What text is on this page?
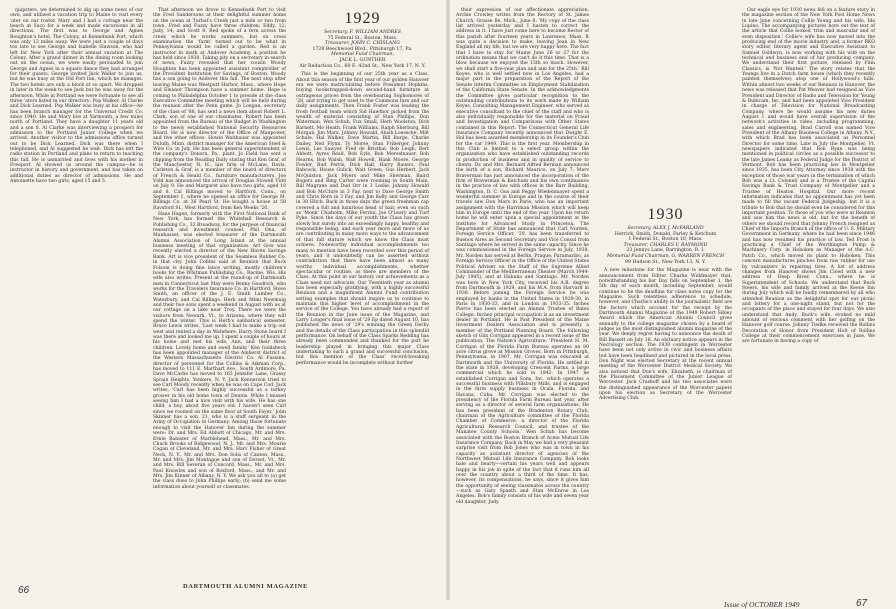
quipsters, we determined to dig up some news of our own, and utilized a vacation trip to Maine to visit every 'ater on our roster. Mary and I had a cottage near the beach at Saco for a week and made excursions in all directions. The first was to George and Agnes Boughton's hotel, The Colony, at Kennebunk Port, which was only 13 miles away. We were just a couple of days too late to see George and Isabelle Slawson, who had left for New York after their annual vacation at The Colony. After a grand dinner in the dining room looking out on the ocean, we were easily persuaded to join George and Agnes in a square dance they had arranged for their guests. George invited Jack Waller to join us, but he was busy at the Old Fort Inn, which he manages. The two hotels are only a block or so apart. We dropped in later in the week to see Jack but he was away for the afternoon. While in Portland we were fortunate to see all three 'ators listed in our directory: Pop Walker, Al Clarke and Dick Learned. Pop Walker was busy at his office—he has been branch manager for the Universal Credit Co. since 1940. He and Mary live at Yarmouth, a few miles north of Portland. They have a daughter 11 years old and a son 8. Al Clarke was interviewing a prospect for admission to the Portland Junior College when we arrived. Another visitor to the admissions office turned out to be Dick Learned. Dick was there when I telephoned, and Al suggested he wait. Dick has left the radio station in Portland and plans to return to teaching this fall. He is unmarried and lives with his mother in Freeport. Al showed us around the campus—he is instructor in history and government, and has taken on additional duties as director of admissions. He and Antoinette have two girls, aged 15 and 5.

That afternoon we drove to Kennebunk Port to visit the Fred Sandersons at their delightful summer home on the ocean at Turbat's Creek just a mile or two from town. Fred and Fuzzy have three children; Eddy, 12; Judy, 14; and Scott 8. Red spoke of a fern across the creek which he works summers, but on cross examination the 'farm' turned out to be what in Pennsylvania would be called a garden. Red is an instructor in math at Andover Academy, a position he has held since 1938. Taking pity on a secretary in search of news, Fuzzy revealed that her cousin Woody Houghton has been appointed assistant comptroller of the Provident Institution for Savings, of Boston. Woody has a son going to Andover this fall. The next stop after leaving Maine was Westport Harbor, Mass., where Hope and Eleanor Thompson have a summer home. Hope is coming to Philadelphia October 1 to preside at the class Executive Committee meeting which will be held during the reunion after the Penn game. Jo Longan, secretary of the class of '88, has sent a news item about Robert L. Clark, son of one of our classmates. Robert has been appointed from the Bureau of the Budget in Washington to the newly established National Security Resources Board. He is now director of the Office of Manpower, and five other offices. Howie Waithauer was appointed Duluth, Minn. district manager for the American Steel & Wire Co. in July. He has been general superintendent of the company's Donora, Pa., plant. Jo Field has sent a clipping from the Reading Daily stating that Ken Graf, of the Manchester, N. H., law firm of McLane, Davis, Carleton & Graf, is a member of the board of directors of French & Heald Co., furniture manufacturers. Joe Vidd has announced the arrival of Douglas Stowell Vidd on July 9. He and Margaret also have two girls, aged 10 and 8. Cal Billings moved to Hartford, Conn., on September 1, where he opened an office for George M. Billings Co. at 36 Pearl St. He bought a house at 58 Ravsford St., West Hartford, from Ken Weeks '26.

Hans Hagen, formerly with the First National Bank of New York, has formed the Whitehall Research & Publishing Co., 32 Broadway, for the purpose of financial research and investment counsel. Phil Ona, of Manhasset, was elected treasurer of the Dartmouth Alumni Association of Long Island at the annual business meeting of that organization. Art Gow was recently elected a director of the New Haven Savings Bank. Art is vice president of the Seamless Rubber Co. in that city. John Collins said at Reunion that Buck Folsom is doing fine lance writing, mostly children's books for the Whitman Publishing Co., Racine, Wis. His wife also writes. Present at the round-up of Dartmouth men in Connecticut last May were Benny Goodrich, who works for the Travelers Insurance Co. in Hartford, Steve Smith, an officer of the J. E. Smith Lumber Co., Waterbury, and Cal Billings. Herb and Mimi Newmuig and their two sons spent a weekend in August with us at our cottage on a lake near Troy. There we were the visitors from Newark, Vt., to Arizona, where they will spend the winter. This is Herb's sabbatical semester. Bruce Lewis writes, 'Last week I had to make a trip out west and rented a day in Walwhere. Harry Stone heard I was there and looked me up. I spent a couple of hours at his home and met his wife, Ann, and their three children. Lovely home and swell family.' Ken Goldsbeck has been appointed manager of the Amherst district of the Western Massachusetts Electric Co. Al Fussinu, director of personnel for the Collins & Aikman Corp., has moved to 111 E. Marthart Ave., South Ardmore, Pa. Dave McCarlie has moved to 165 Jennifer Lane, Grassy Sprain Heights, Yonkers, N. Y. Jack Kennerson tried to see Carl Moody recently when he was on Cape Cod. Jack writes, 'Carl has been highly successful as a turkey grower in his old home town of Dennis. While I missed seeing him I had a nice visit with his wife. He has one child, a boy, about five years old. I haven't seen Carl since we roomed on the same floor at South Fayer.' John Skinner has a son, 21, who is a staff sergeant in the Army of Occupation in Germany. Among those fortunate enough to visit the Hanover Inn during the summer were: Dr. and Mrs. Ed Abbott of Chicago, Mr. and Mrs. Ernie Banister of Marblehead, Mass., Mr. and Mrs. Chuck Brooks of Ridgewood, N. J., Mr. and Mrs. Mourie Cogan of Cleveland, Mr. and Mrs. Harv Fisher of Great Neck, N. Y., Mr. and Mrs. Don Solis of Canton, Mass., Mr. and Mrs. Jim Montague and son of Dorset, Vt., Mr. and Mrs. Bill Severan of Concord, Mass., Mr. and Mrs. Paul Knowles and son of Boxford, Mass., and Mr. and Mrs. Jim Kinner of Albany, N. Y. We ask you all to (a) get the class dues to John Phillips early; (b) send me some information about yourself or classmates.

1929
Secretary, F. WILLIAM ANDRES
75 Federal St., Boston, Mass.
Treasurer, JOHN C. CHISLANG
1728 Beechwood Blvd., Pittsburgh 17, Pa.
Memorial Fund Chairman,
JACK L. GUNTHER
Air Reduction Co., 60 E. 42nd St., New York 17, N. Y.

This is the beginning of our 25th year as a Class. About this season of the first year of our golden Hanover era we were matriculating before President Hopkins, buying bookstrapped-down second-hand furniture at outrageous prices from the overbearing Sophomores of '28, and trying to get used to the Commons fare and our daily assignments. Then Frank Foster was leading the frosh football team which Sid Hawthor picked from the wealth of material consisting of Stan Phillips, Don Waterman, Wen Schuh, Fux Small, Herb Woolston, Dick Barnett, Mo Heath, Frank Williams, Ralph Sherburg, Bill Morgan, Jim Marx, Johnny Howald, Alush Loesecke, Milt Schule, Hal Walker, Dave Martin, Bill Burge, Charlie Dailey, Ned Flynn, Ty Morse, Stan Friberger, Johnny Lewis, Les Sawyer, Fred de Bristhal, Bob Leigh, Bert Abbott, Ayres Read, Bob Eyle, Bob Merselnauer, Bob Hearns, Bob Walsh, Walt Howell, Hank Moore, George Fowler, Bud Ferris, Dick Hall, Harry Bauers, Paul Babcock, House Gulick, Walt Green, Gus Herbert, Jack McQuiston, Jack Myers and Mike Sherman. Baird Rogers and Bing Carter were rooming in South Main. Bill Magrane and Dud Orr in 3 Leslie, Johnny Howald and Bob McClure in 3 Fay, next to Dave George Smith and Chris Born in 3 Fay, and Jim Kelly and George Carr in 38 Hitch. Back in those days the green freshman cap covered a full and luxurious head of hair, even on such as 'Monk' Chisholm, Mike Ferrini, Joe O'Leary and Turf Pyke. Since the days of our youth the Class has grown slowly but surely into an exceedingly happy, healthy and responsible being, and each year more and more of us are contributing in many more ways to the advancement of that full stature which we know the Class must achieve. Noteworthy individual accomplishments too many to mention have been recorded over this period of years, and it undoubtedly can be asserted without contradiction that there have been almost as many worthy individual accomplishments, whether spectacular or routine, as there are members of the Class. At this point in our history our achievements as a Class need not advocate. Our Twentieth year as alumni has been especially gratifying, with a highly successful Reunion and a magnificent Alumni Fund contribution setting examples that should inspire us to continue to maintain this higher level of accomplishment in the service of the College. You have already had a report of the Reunion in the June issue of the Magazine, and Larry Longer's final issue of '29 Ep dated August 10, has published the news of '29's winning the Green Derby and the details of the Class participation in this splendid performance. On behalf of the Class Sparks Redding has already been commended and thanked for the part he leadership played in bringing this major Class undertaking to such a grand and successful conclusion, but this mention of the Class' record-breaking performance would be incomplete without further

66	DARTMOUTH ALUMNI MAGAZINE

their expression of our affectionate appreciation. Archie Crowley writes from the Rectory of St. James Church, Grosse Ile, Mich., June 8: 'My copy of the class list arrived yesterday and I hasten to correct the address in it. I have just come here to become Rector of this parish after fourteen years in Lawrence, Mass. It was quite a decision to make, leaving Jean in New England all my life, but we are very happy here. The fact that I have to stay for Maine June 26 or 27 for the ordination means that we can't do it this time. That is a blow because we enjoyed the 15th so much. However, we shall start a five-year plan and aim for the 25th.' Bill Keyes, who is well settled now in Los Angeles, had a major part in the preparation of the Report of the Senate Interim Committee on Employment Stabilization of the California State Senate. In the acknowledgments the Committee gives particular recognition to the outstanding contributions to its work made by William Keyes, Consulting Management Engineer, who served as executive consultant to the chief of the staff and who is also individually responsible for the material on Fraud and Investigation and Comparisons with Other States contained in this Report. The Connecticut General Life Insurance Company recently announced that Dwight E. Hol has been awarded membership in its Founder's Club for the car 1949. This is the first year. Membership in this Club is limited to a select group within the organization who have established outstanding records in production of business and in quality of service to clients. Dr. and Mrs. Bernard Alfred Berman announced the birth of a son, Richard Maurice, on July 7. Marv Braverman has just announced the incorporation of the firm of Braverman & Ketchum and his own continuance in the practice of law with offices in the Barr Building, Washington, D. C. Gus and Peggy Wiedenmayer spent a wonderful summer in Europe and in the course of their travels saw Don Marx in Paris, who has an important assignment with the Harriman Mission which will keep him in Europe until the end of the year. Upon his return home he will enter upon a special appointment at the Institute for Advanced Study in Princeton. The Department of State has announced that Carl Norden, Foreign Service Officer, '29, has been transferred to Buenos Aires as Second Secretary and Vice Consul from Santiago where he served in the same capacity. Since he was commissioned in the Foreign Service in July, 1938, Mr. Norden has served at Berlin, Prague, Paramaribo, as Foreign Service Officer in the Office of the United States Political Adviser on the Staff of the Supreme Allied Commander of the Mediterranean Theater (March 1944-July 1945), and at Habana and Santiago. Mr. Norden was born in New York City, received his A.B. degree from Dartmouth in 1929, and his M.A. from Harvard in 1938. Before joining the Foreign Service he was employed by banks in the United States in 1929-30, in Paris in 1930-33, and in London in 1933-35. Inches Pierce has been elected an Alumni Trustee of Bates College. Inchez principal occupation is as an investment dealer in Portland. He is Past President of the Maine Investment Dealers Association and is presently a member of the Portland Planning Board. The following sketch of Glin Corrigan appeared in a recent issue of the publication, The Nation's Agriculture: 'President H. M. Corrigan of the Florida Farm Bureau operates an 80 acre citrus grove at Mission Groves. Born in Pittsburgh, Pennsylvania, in 1907, Mr. Corrigan was educated at Dartmouth and the University of Florida. He settled in the state in 1928, developing Crescent Farms, a large commercial which he sold in 1942. In 1947 he established Corrigan and Sons, Inc. which operates a successful business with Pillsbury Mills, and is engaged in the farm supply business in Ocala, Florida, and Havana, Cuba. Mr. Corrigan was elected to the presidency of the Florida Farm Bureau last year, after serving as a director of several farm organizations. He has been president of the Bradenton Rotary Club, chairman of the Agriculture committee of the Florida Chamber of Commerce, a director of the Florida Agricultural Research Council, and trustee of the Manatee County Schools.' Wen Schuh has become associated with the Boston Branch of Acme Mutual Life Insurance Company. Back in May we had a very pleasant surprise visit from Bob Jones who was in town in his capacity as assistant director of agencies of the Northwest Mutual Life Insurance Company. Bob looks hale and hearty—certain his years well and appears happy in his job in spite of the fact that it runs him all over the country about a third of the time. It has, however, its compensations, he says, since it gives him the opportunity of seeing classmates across the country—such as Gary Spaeth and Stan McEnroe in Los Angeles. Bob's family consists of his wife and seven year old daughter, Judy.

1930
Secretary, ALEX J. McFARLAND
Herrick, Smith, Donald, Farley & Ketchum
1 Federal St., Boston 10, Mass.
Treasurer, CHARLES V. RAYMOND
23 Jennys Lane, Barrington, R. I.
Memorial Fund Chairman, G. WARREN FRENCH
99 Hudson St., New York 13, N. Y.

A new milestone for the Magazine is near with the announcement from Editor Charlie Widdmayer that, notwithstanding his bar Day falls on September 1, the 5th day of each month, including September, would continue to be the deadline for class notes copy for the Magazine. Such relentless adherence to schedule, however, and Charlie's ability in the journalistic field are the factors which account for the receipt by the Dartmouth Alumni Magazine of the 1949 Robert Sibley Award which the American Alumni Council gives annually to the college magazine chosen by a board of judges as the most distinguished alumni magazine of the year. We deeply regret having to announce the death of Bill Bassett on July 18. An obituary notice appears in the Necrology section. The 1930 contingent in Worcester have been not only active in civic and business affairs but have been headlined and pictured in the local press. Don Night was elected Secretary at the recent annual meeting of the Worcester District Medical Society. We also noticed that Don's wife, Elizabeth, is chairman of the Placement Committee of the Junior League of Worcester. Jack Crashoff and his two associates were the distinguished appearance of the Worcester papers upon his election as Secretary of the Worcester Advertising Club.

Our eagle eye for 1930 news fell on a feature story in the magazine section of the New York Post Home News in late June concerning Collie Young and his wife, Ida Lupino. The accompanying pictures bore out the text of the article that Collie looked 'trim and muscular and of even disposition.' Collie's wife has now moved into the producing end of the movie industry and, a former RKO story editor, literary agent and Executive Assistant to Samuel Goldwyn, is now working with his wife on the technical and business end of her producing company. We understand their first picture, released by Film Classics, is 'Not Wanted.' The story relates that the Youngs live in a Dutch farm house (which they recently painted themselves) atop one of Hollywood's hills. Within almost two weeks of our Reunion in Hanover, the news was released that Pat Weaver had resigned as Vice President and Director of Radio and Television for Young & Rubicam, Inc. and had been appointed Vice President in charge of Television for National Broadcasting Company, where he would assume his new duties August 1 and would have overall supervision of the network's activities in video, including programming, sales and engineering. Brad Carroll was named Vice President of the Albany Business College in Albany, N.Y., with which Brad has been associated as Personnel Director for some time. Late in July the Montpelier, Vt. newspapers indicated that Bob Ryan was being mentioned in political circles as a possible successor to the late James Leamy as Federal Judge for the District of Vermont. Bob has been practicing law in Montpelier since 1935, has been City Attorney since 1938 with the exception of those war years in the termination of which Bob was a Lt. Colonel) and is a Trustee of the Capital Savings Bank & Trust Company of Montpelier and a Trustee of Heaton Hospital. Our more recent information indicates that no appointment has yet been made to fill the vacant Federal Judgeship, but it is a tribute to Bob that he should even be considered for this important position. To those of you who were at Reunion and saw him the news is old, but for the benefit of others we should record that Johnny French resigned as Chief of the Imports Branch of the office of U. S. Military Government in Germany, where he had been since 1946 and has now resumed his practice of law. Ted Frost is practicing a Chief of the Worthington Pump & Machinery Corp. in Hoboken as Manager of the A.C. Patch Co., which moved its plant to Hoboken. This concern manufactures pinches from raw rubber for use by vulcanizers in repairing tires. A list of address changes from Hanover shows Jim Cloed with a new address of Deep River, Conn., where he is Superintendent of Schools. We understand that Buck Steers, his wife and family arrived at the Keene Inn during July which will be fondly remembered by all who attended Reunion as the delightful spot for our picnic and lottery for a one-night stand, but not for the occupants of the place and stayed for four days. We also understand that Andy, Buck's wife, evoked no mild amount of envious comment with her golfing on the Hanover golf course. Johnny Tiedke received the Rollins Decoration of Honor from President Holt of Rollins College at their commencement exercises in June. We are fortunate in having a copy of

Issue of OCTOBER 1949	67
